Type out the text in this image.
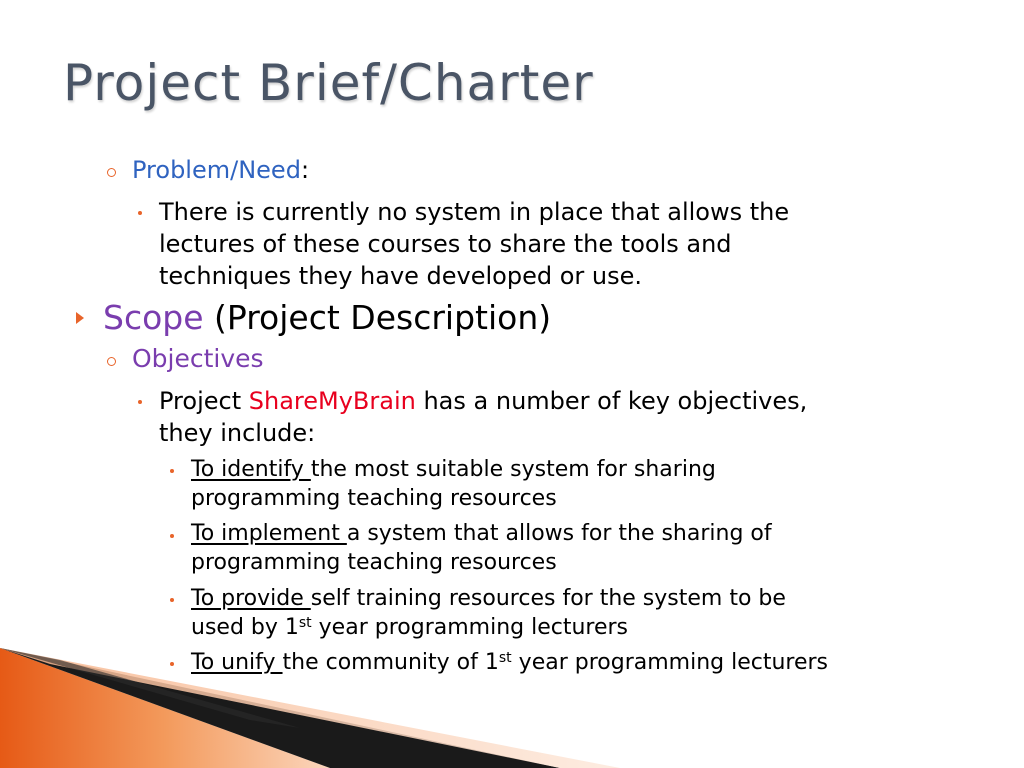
Project Brief/Charter
Problem/Need:
There is currently no system in place that allows the
lectures of these courses to share the tools and
techniques they have developed or use.
Scope (Project Description)
Objectives
Project ShareMyBrain has a number of key objectives,
they include:
To identify the most suitable system for sharing
programming teaching resources
To implement a system that allows for the sharing of
programming teaching resources
To provide self training resources for the system to be
used by 1st year programming lecturers
To unify the community of 1st year programming lecturers
